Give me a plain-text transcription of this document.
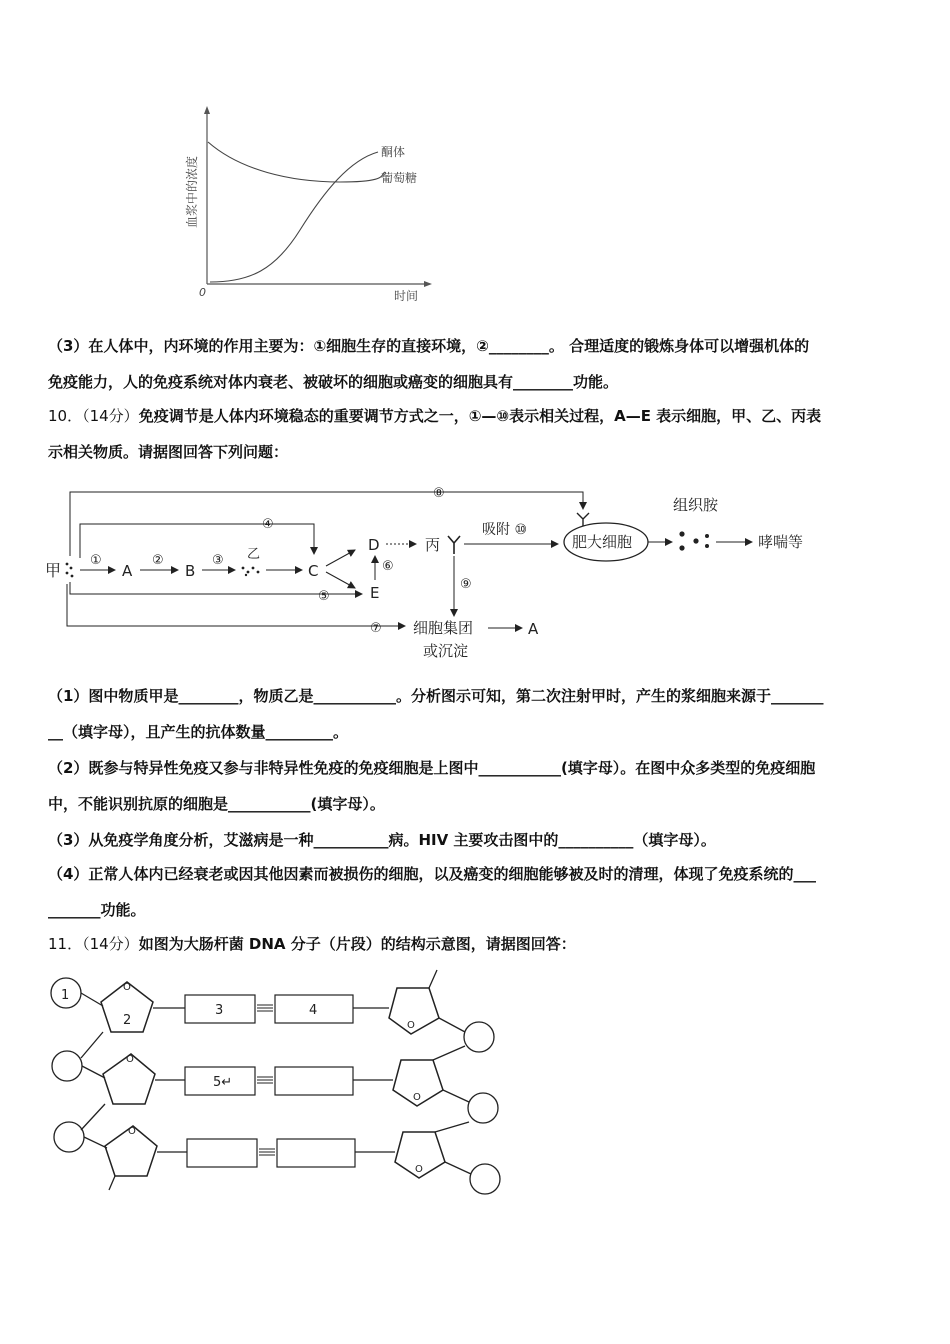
酮体
葡萄糖
0	时间
血浆中的浓度
（3）在人体中，内环境的作用主要为：①细胞生存的直接环境，②________。 合理适度的锻炼身体可以增强机体的
免疫能力，人的免疫系统对体内衰老、被破坏的细胞或癌变的细胞具有________功能。
10．（14分）免疫调节是人体内环境稳态的重要调节方式之一，①—⑩表示相关过程，A—E 表示细胞，甲、乙、丙表
示相关物质。请据图回答下列问题：
甲
①
A
②
B
③ 乙
C
④
D
E
⑥
⑤
丙
吸附 ⑩
肥大细胞
⑧
组织胺
哮喘等
⑨
⑦ 细胞集团
或沉淀
A
（1）图中物质甲是________，物质乙是___________。分析图示可知，第二次注射甲时，产生的浆细胞来源于_______
__（填字母），且产生的抗体数量_________。
（2）既参与特异性免疫又参与非特异性免疫的免疫细胞是上图中___________(填字母）。在图中众多类型的免疫细胞
中，不能识别抗原的细胞是___________(填字母）。
（3）从免疫学角度分析，艾滋病是一种__________病。HIV 主要攻击图中的__________（填字母）。
（4）正常人体内已经衰老或因其他因素而被损伤的细胞，以及癌变的细胞能够被及时的清理，体现了免疫系统的___
_______功能。
11．（14分）如图为大肠杆菌 DNA 分子（片段）的结构示意图，请据图回答：
1
O
2
3	4
O
O
5↵
O
O
O
